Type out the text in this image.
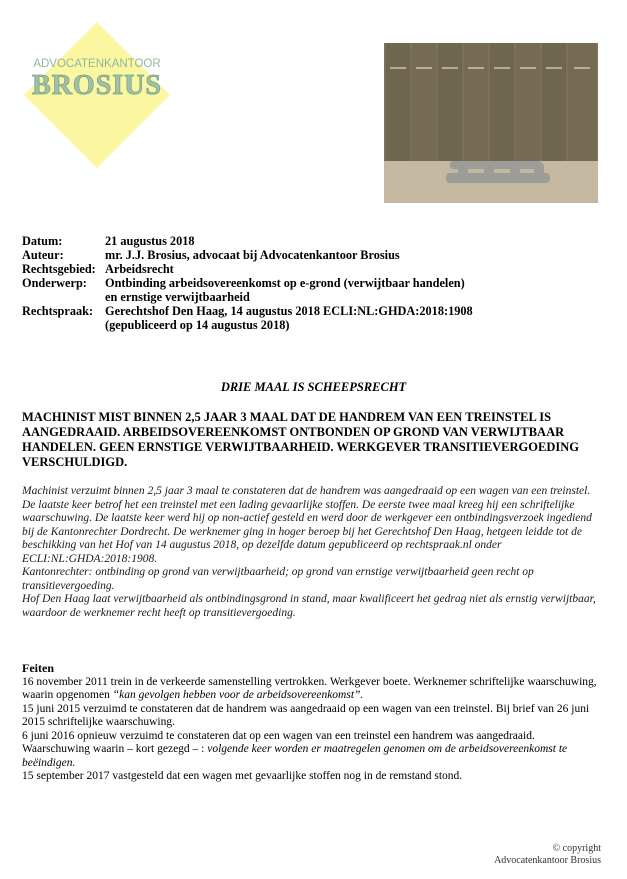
ADVOCATENKANTOOR
BROSIUS
Datum:	21 augustus 2018
Auteur:	mr. J.J. Brosius, advocaat bij Advocatenkantoor Brosius
Rechtsgebied: Arbeidsrecht
Onderwerp:	Ontbinding arbeidsovereenkomst op e-grond (verwijtbaar handelen)
en ernstige verwijtbaarheid
Rechtspraak: Gerechtshof Den Haag, 14 augustus 2018 ECLI:NL:GHDA:2018:1908
(gepubliceerd op 14 augustus 2018)
DRIE MAAL IS SCHEEPSRECHT
MACHINIST MIST BINNEN 2,5 JAAR 3 MAAL DAT DE HANDREM VAN EEN TREINSTEL IS AANGEDRAAID. ARBEIDSOVEREENKOMST ONTBONDEN OP GROND VAN VERWIJTBAAR HANDELEN. GEEN ERNSTIGE VERWIJTBAARHEID. WERKGEVER TRANSITIEVERGOEDING VERSCHULDIGD.

Machinist verzuimt binnen 2,5 jaar 3 maal te constateren dat de handrem was aangedraaid op een wagen van een treinstel. De laatste keer betrof het een treinstel met een lading gevaarlijke stoffen. De eerste twee maal kreeg hij een schriftelijke waarschuwing. De laatste keer werd hij op non-actief gesteld en werd door de werkgever een ontbindingsverzoek ingediend bij de Kantonrechter Dordrecht. De werknemer ging in hoger beroep bij het Gerechtshof Den Haag, hetgeen leidde tot de beschikking van het Hof van 14 augustus 2018, op dezelfde datum gepubliceerd op rechtspraak.nl onder ECLI:NL:GHDA:2018:1908.

Kantonrechter: ontbinding op grond van verwijtbaarheid; op grond van ernstige verwijtbaarheid geen recht op transitievergoeding.

Hof Den Haag laat verwijtbaarheid als ontbindingsgrond in stand, maar kwalificeert het gedrag niet als ernstig verwijtbaar, waardoor de werknemer recht heeft op transitievergoeding.

Feiten

16 november 2011 trein in de verkeerde samenstelling vertrokken. Werkgever boete. Werknemer schriftelijke waarschuwing, waarin opgenomen “kan gevolgen hebben voor de arbeidsovereenkomst”.

15 juni 2015 verzuimd te constateren dat de handrem was aangedraaid op een wagen van een treinstel. Bij brief van 26 juni 2015 schriftelijke waarschuwing.

6 juni 2016 opnieuw verzuimd te constateren dat op een wagen van een treinstel een handrem was aangedraaid.

Waarschuwing waarin – kort gezegd – : volgende keer worden er maatregelen genomen om de arbeidsovereenkomst te beëindigen.

15 september 2017 vastgesteld dat een wagen met gevaarlijke stoffen nog in de remstand stond.

© copyright
Advocatenkantoor Brosius
